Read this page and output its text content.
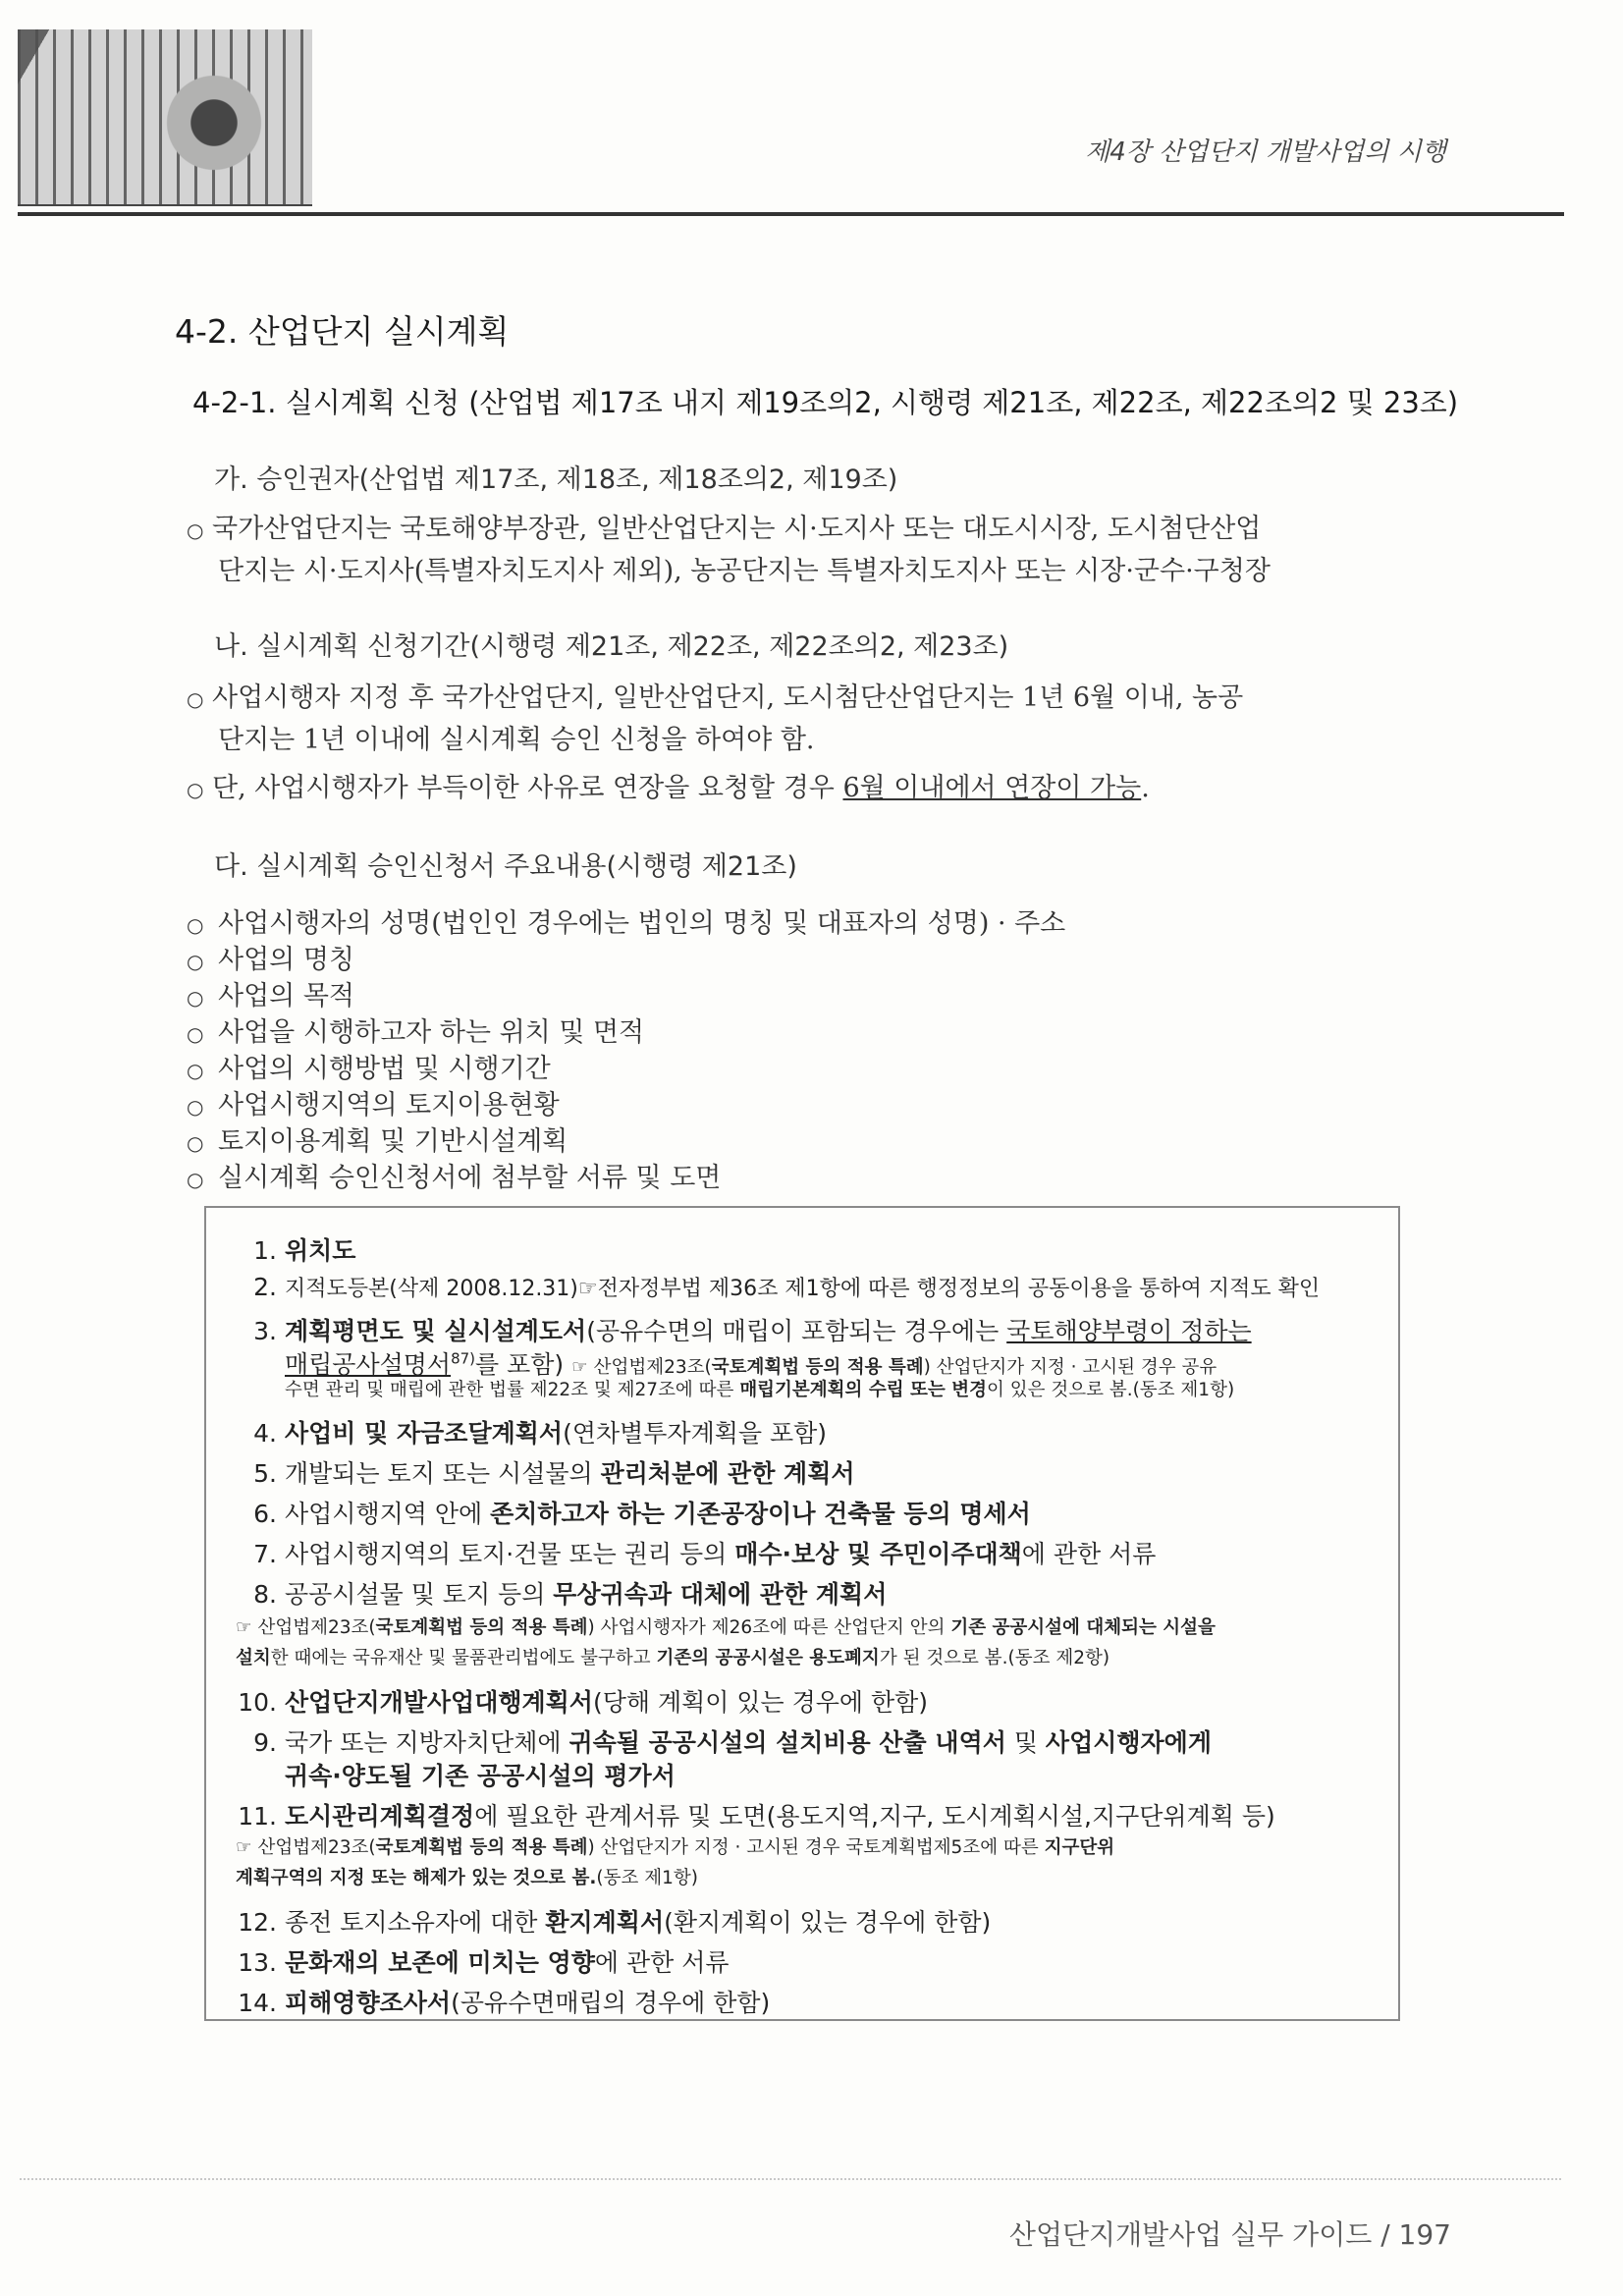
제4장 산업단지 개발사업의 시행
4-2. 산업단지 실시계획
4-2-1. 실시계획 신청 (산업법 제17조 내지 제19조의2, 시행령 제21조, 제22조, 제22조의2 및 23조)
가. 승인권자(산업법 제17조, 제18조, 제18조의2, 제19조)
○ 국가산업단지는 국토해양부장관, 일반산업단지는 시·도지사 또는 대도시시장, 도시첨단산업
단지는 시·도지사(특별자치도지사 제외), 농공단지는 특별자치도지사 또는 시장·군수·구청장
나. 실시계획 신청기간(시행령 제21조, 제22조, 제22조의2, 제23조)
○ 사업시행자 지정 후 국가산업단지, 일반산업단지, 도시첨단산업단지는 1년 6월 이내, 농공
단지는 1년 이내에 실시계획 승인 신청을 하여야 함.
○ 단, 사업시행자가 부득이한 사유로 연장을 요청할 경우 6월 이내에서 연장이 가능.
다. 실시계획 승인신청서 주요내용(시행령 제21조)
○ 사업시행자의 성명(법인인 경우에는 법인의 명칭 및 대표자의 성명) · 주소
○ 사업의 명칭
○ 사업의 목적
○ 사업을 시행하고자 하는 위치 및 면적
○ 사업의 시행방법 및 시행기간
○ 사업시행지역의 토지이용현황
○ 토지이용계획 및 기반시설계획
○ 실시계획 승인신청서에 첨부할 서류 및 도면
1. 위치도
2. 지적도등본(삭제 2008.12.31)☞전자정부법 제36조 제1항에 따른 행정정보의 공동이용을 통하여 지적도 확인
3. 계획평면도 및 실시설계도서(공유수면의 매립이 포함되는 경우에는 국토해양부령이 정하는
매립공사설명서$^{87)}$를 포함) ☞ 산업법제23조(국토계획법 등의 적용 특례) 산업단지가 지정 · 고시된 경우 공유
수면 관리 및 매립에 관한 법률 제22조 및 제27조에 따른 매립기본계획의 수립 또는 변경이 있은 것으로 봄.(동조 제1항)
4. 사업비 및 자금조달계획서(연차별투자계획을 포함)
5. 개발되는 토지 또는 시설물의 관리처분에 관한 계획서
6. 사업시행지역 안에 존치하고자 하는 기존공장이나 건축물 등의 명세서
7. 사업시행지역의 토지·건물 또는 권리 등의 매수·보상 및 주민이주대책에 관한 서류
8. 공공시설물 및 토지 등의 무상귀속과 대체에 관한 계획서
☞ 산업법제23조(국토계획법 등의 적용 특례) 사업시행자가 제26조에 따른 산업단지 안의 기존 공공시설에 대체되는 시설을
설치한 때에는 국유재산 및 물품관리법에도 불구하고 기존의 공공시설은 용도폐지가 된 것으로 봄.(동조 제2항)
10. 산업단지개발사업대행계획서(당해 계획이 있는 경우에 한함)
9. 국가 또는 지방자치단체에 귀속될 공공시설의 설치비용 산출 내역서 및 사업시행자에게
귀속·양도될 기존 공공시설의 평가서
11. 도시관리계획결정에 필요한 관계서류 및 도면(용도지역,지구, 도시계획시설,지구단위계획 등)
☞ 산업법제23조(국토계획법 등의 적용 특례) 산업단지가 지정 · 고시된 경우 국토계획법제5조에 따른 지구단위
계획구역의 지정 또는 해제가 있는 것으로 봄.(동조 제1항)
12. 종전 토지소유자에 대한 환지계획서(환지계획이 있는 경우에 한함)
13. 문화재의 보존에 미치는 영향에 관한 서류
14. 피해영향조사서(공유수면매립의 경우에 한함)
산업단지개발사업 실무 가이드 / 197
